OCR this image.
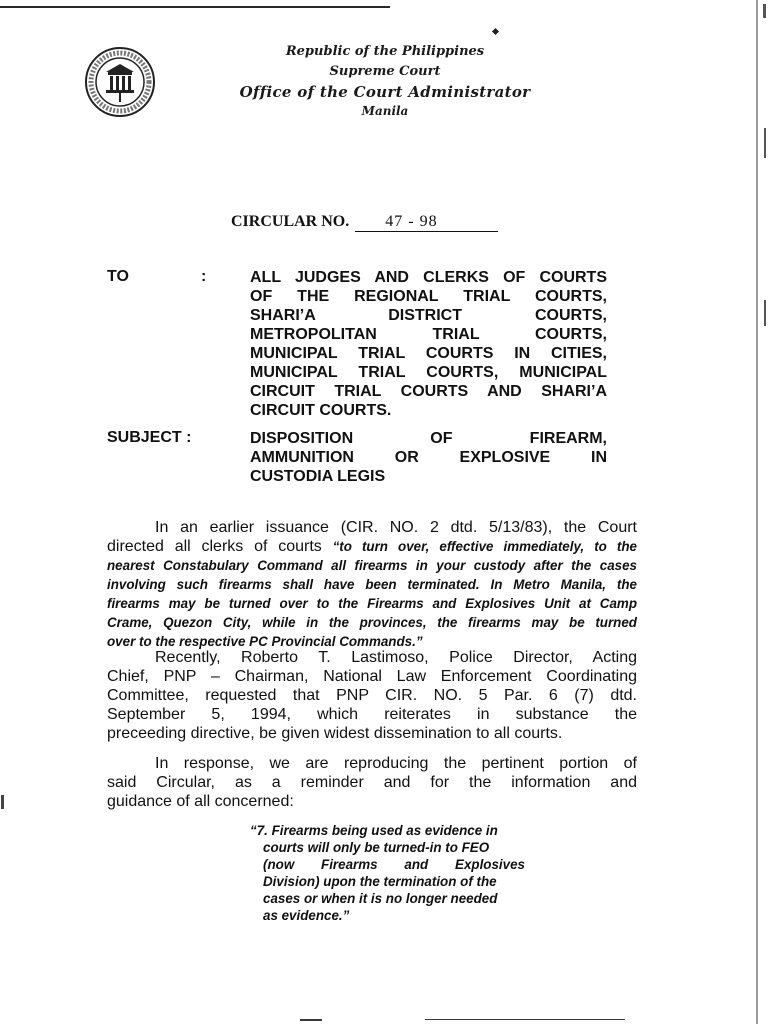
Republic of the Philippines
Supreme Court
Office of the Court Administrator
Manila
CIRCULAR NO. 47 - 98
TO	:	ALL JUDGES AND CLERKS OF COURTS
OF THE REGIONAL TRIAL COURTS,
SHARI’A DISTRICT COURTS,
METROPOLITAN TRIAL COURTS,
MUNICIPAL TRIAL COURTS IN CITIES,
MUNICIPAL TRIAL COURTS, MUNICIPAL
CIRCUIT TRIAL COURTS AND SHARI’A
CIRCUIT COURTS.
SUBJECT :	DISPOSITION OF FIREARM,
AMMUNITION OR EXPLOSIVE IN
CUSTODIA LEGIS
In an earlier issuance (CIR. NO. 2 dtd. 5/13/83), the Court
directed all clerks of courts “to turn over, effective immediately, to the
nearest Constabulary Command all firearms in your custody after the cases
involving such firearms shall have been terminated. In Metro Manila, the
firearms may be turned over to the Firearms and Explosives Unit at Camp
Crame, Quezon City, while in the provinces, the firearms may be turned
over to the respective PC Provincial Commands.”
Recently, Roberto T. Lastimoso, Police Director, Acting
Chief, PNP – Chairman, National Law Enforcement Coordinating
Committee, requested that PNP CIR. NO. 5 Par. 6 (7) dtd.
September 5, 1994, which reiterates in substance the
preceeding directive, be given widest dissemination to all courts.
In response, we are reproducing the pertinent portion of
said Circular, as a reminder and for the information and
guidance of all concerned:
“7. Firearms being used as evidence in
courts will only be turned-in to FEO
(now Firearms and Explosives
Division) upon the termination of the
cases or when it is no longer needed
as evidence.”
